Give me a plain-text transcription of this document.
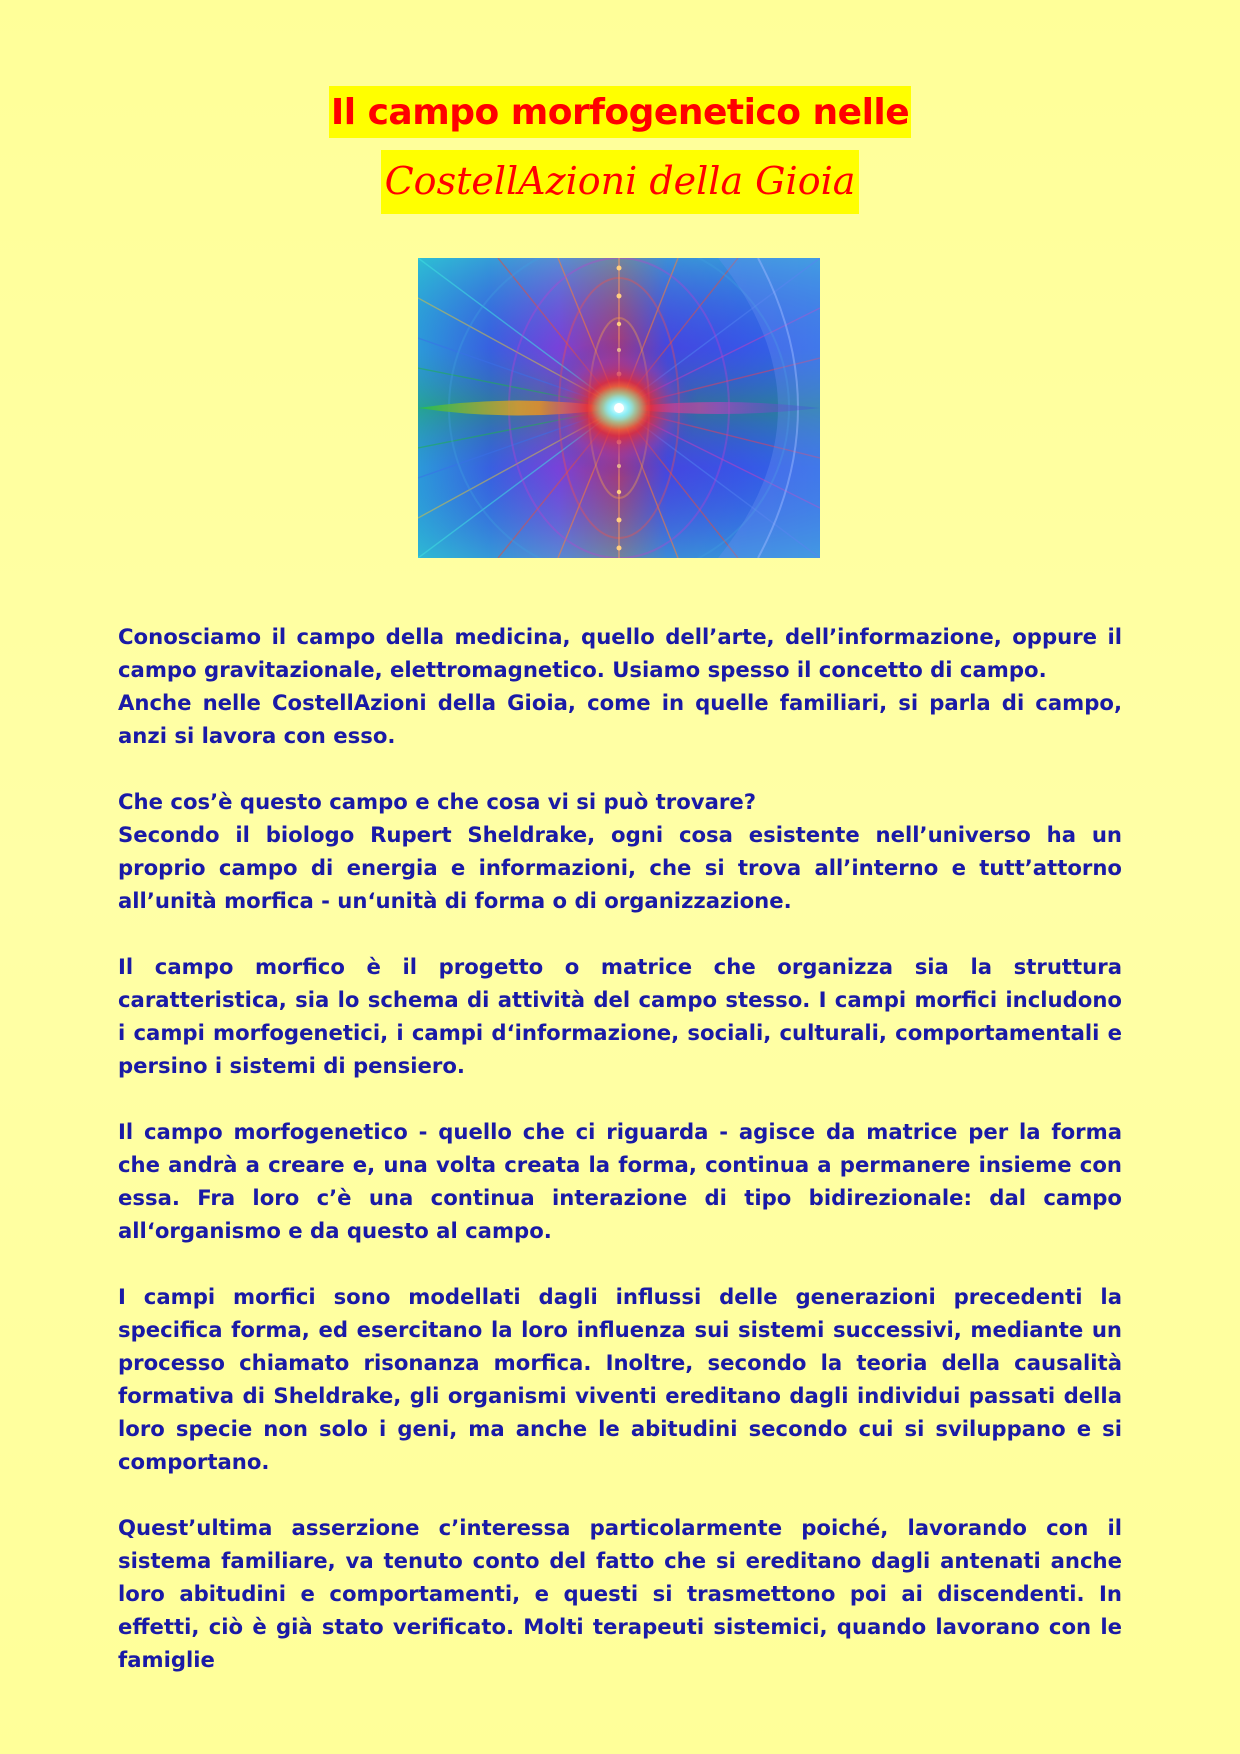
Il campo morfogenetico nelle
CostellAzioni della Gioia

Conosciamo il campo della medicina, quello dell’arte, dell’informazione, oppure il campo gravitazionale, elettromagnetico. Usiamo spesso il concetto di campo.
Anche nelle CostellAzioni della Gioia, come in quelle familiari, si parla di campo, anzi si lavora con esso.

Che cos’è questo campo e che cosa vi si può trovare?
Secondo il biologo Rupert Sheldrake, ogni cosa esistente nell’universo ha un proprio campo di energia e informazioni, che si trova all’interno e tutt’attorno all’unità morfica - un‘unità di forma o di organizzazione.

Il campo morfico è il progetto o matrice che organizza sia la struttura caratteristica, sia lo schema di attività del campo stesso. I campi morfici includono i campi morfogenetici, i campi d‘informazione, sociali, culturali, comportamentali e persino i sistemi di pensiero.

Il campo morfogenetico - quello che ci riguarda - agisce da matrice per la forma che andrà a creare e, una volta creata la forma, continua a permanere insieme con essa. Fra loro c’è una continua interazione di tipo bidirezionale: dal campo all‘organismo e da questo al campo.

I campi morfici sono modellati dagli influssi delle generazioni precedenti la specifica forma, ed esercitano la loro influenza sui sistemi successivi, mediante un processo chiamato risonanza morfica. Inoltre, secondo la teoria della causalità formativa di Sheldrake, gli organismi viventi ereditano dagli individui passati della loro specie non solo i geni, ma anche le abitudini secondo cui si sviluppano e si comportano.

Quest’ultima asserzione c’interessa particolarmente poiché, lavorando con il sistema familiare, va tenuto conto del fatto che si ereditano dagli antenati anche loro abitudini e comportamenti, e questi si trasmettono poi ai discendenti. In effetti, ciò è già stato verificato. Molti terapeuti sistemici, quando lavorano con le famiglie
